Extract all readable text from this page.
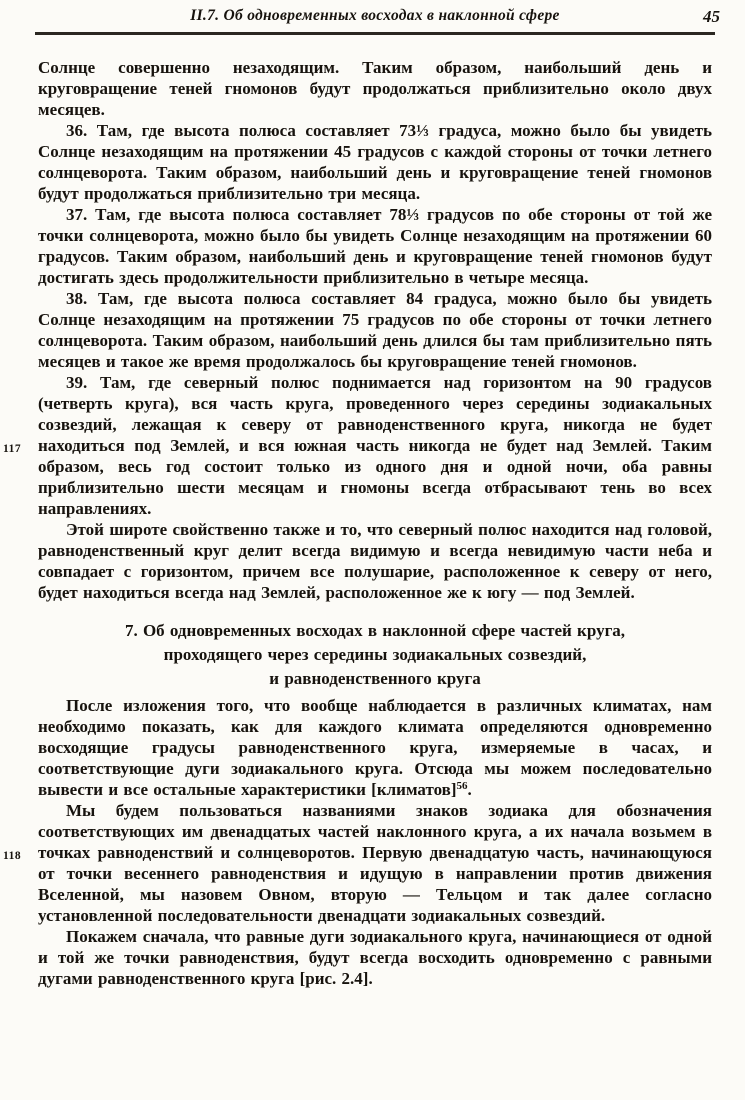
II.7. Об одновременных восходах в наклонной сфере	45

Солнце совершенно незаходящим. Таким образом, наибольший день и круговращение теней гномонов будут продолжаться приблизительно около двух месяцев.

36. Там, где высота полюса составляет 73⅓ градуса, можно было бы увидеть Солнце незаходящим на протяжении 45 градусов с каждой стороны от точки летнего солнцеворота. Таким образом, наибольший день и круговращение теней гномонов будут продолжаться приблизительно три месяца.

37. Там, где высота полюса составляет 78⅓ градусов по обе стороны от той же точки солнцеворота, можно было бы увидеть Солнце незаходящим на протяжении 60 градусов. Таким образом, наибольший день и круговращение теней гномонов будут достигать здесь продолжительности приблизительно в четыре месяца.

38. Там, где высота полюса составляет 84 градуса, можно было бы увидеть Солнце незаходящим на протяжении 75 градусов по обе стороны от точки летнего солнцеворота. Таким образом, наибольший день длился бы там приблизительно пять месяцев и такое же время продолжалось бы круговращение теней гномонов.

117
39. Там, где северный полюс поднимается над горизонтом на 90 градусов (четверть круга), вся часть круга, проведенного через середины зодиакальных созвездий, лежащая к северу от равноденственного круга, никогда не будет находиться под Землей, и вся южная часть никогда не будет над Землей. Таким образом, весь год состоит только из одного дня и одной ночи, оба равны приблизительно шести месяцам и гномоны всегда отбрасывают тень во всех направлениях.

Этой широте свойственно также и то, что северный полюс находится над головой, равноденственный круг делит всегда видимую и всегда невидимую части неба и совпадает с горизонтом, причем все полушарие, расположенное к северу от него, будет находиться всегда над Землей, расположенное же к югу — под Землей.

7. Об одновременных восходах в наклонной сфере частей круга,
проходящего через середины зодиакальных созвездий,
и равноденственного круга

После изложения того, что вообще наблюдается в различных климатах, нам необходимо показать, как для каждого климата определяются одновременно восходящие градусы равноденственного круга, измеряемые в часах, и соответствующие дуги зодиакального круга. Отсюда мы можем последовательно вывести и все остальные характеристики [климатов]$^{56}$.

118
Мы будем пользоваться названиями знаков зодиака для обозначения соответствующих им двенадцатых частей наклонного круга, а их начала возьмем в точках равноденствий и солнцеворотов. Первую двенадцатую часть, начинающуюся от точки весеннего равноденствия и идущую в направлении против движения Вселенной, мы назовем Овном, вторую — Тельцом и так далее согласно установленной последовательности двенадцати зодиакальных созвездий.

Покажем сначала, что равные дуги зодиакального круга, начинающиеся от одной и той же точки равноденствия, будут всегда восходить одновременно с равными дугами равноденственного круга [рис. 2.4].
